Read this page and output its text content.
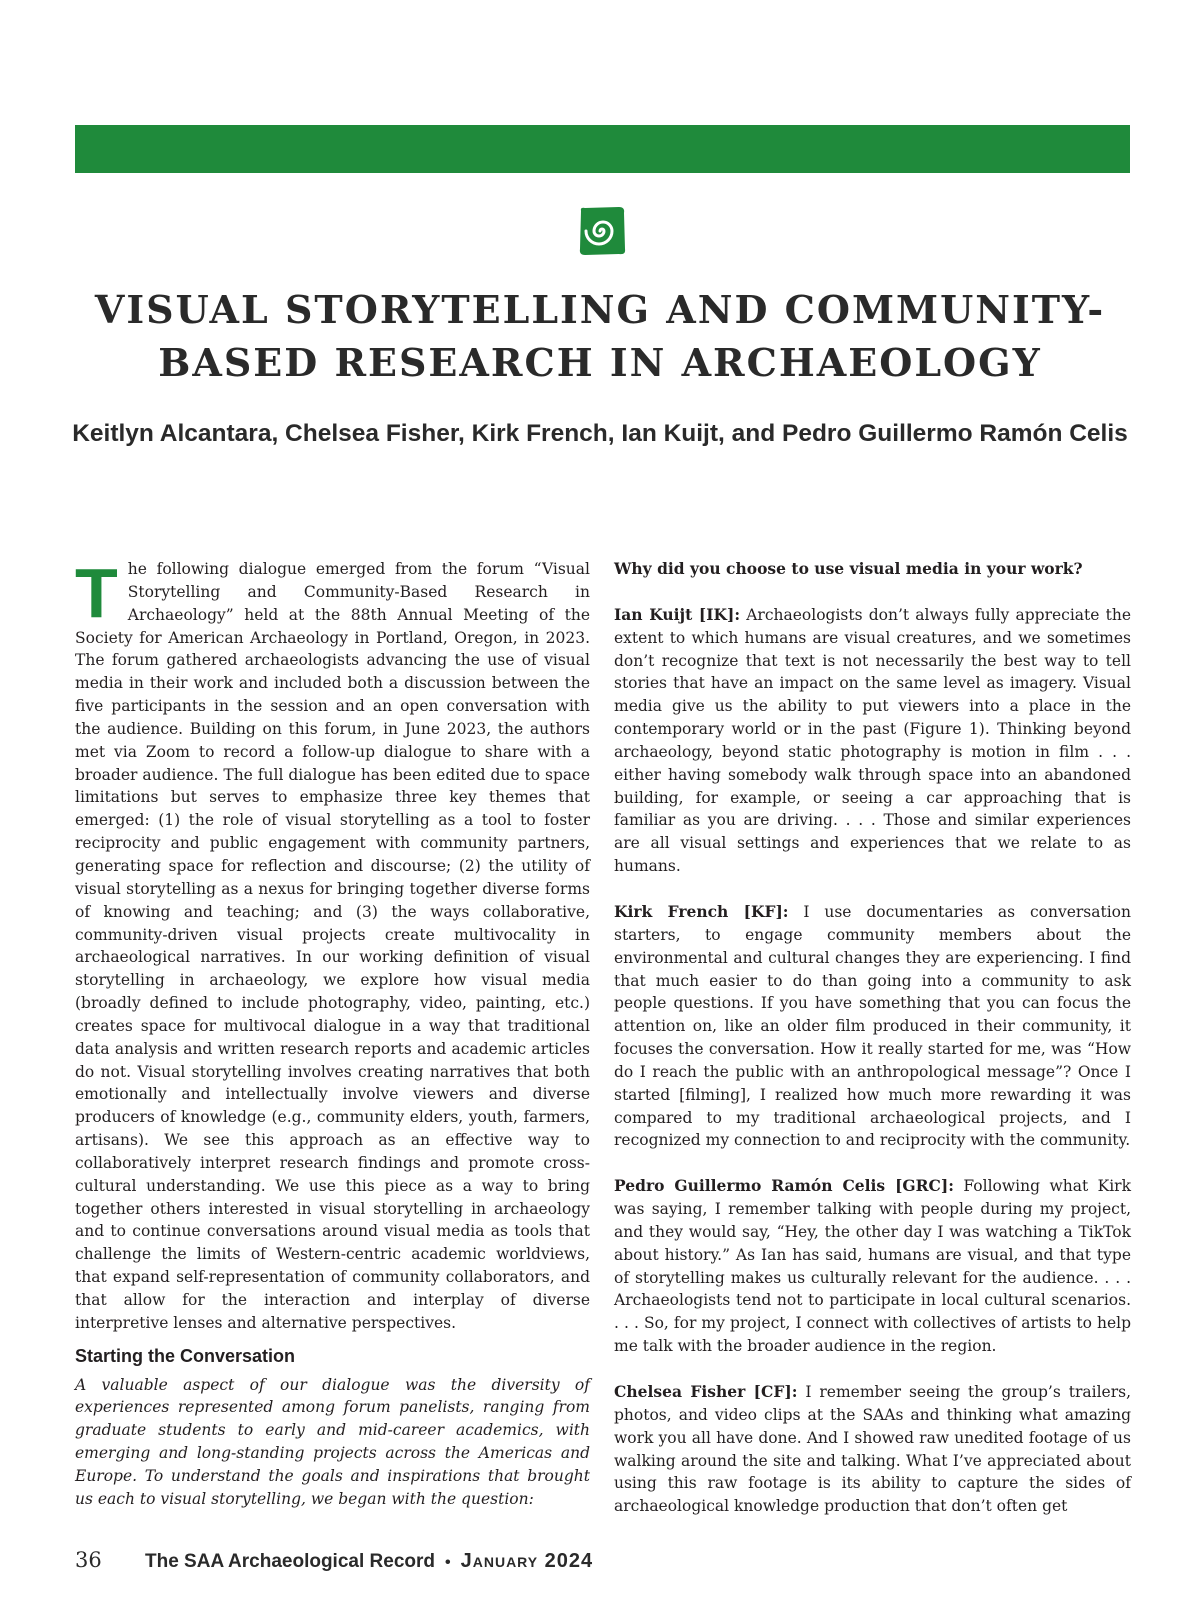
VISUAL STORYTELLING AND COMMUNITY-
BASED RESEARCH IN ARCHAEOLOGY
Keitlyn Alcantara, Chelsea Fisher, Kirk French, Ian Kuijt, and Pedro Guillermo Ramón Celis

The following dialogue emerged from the forum “Visual Storytelling and Community-Based Research in Archaeology” held at the 88th Annual Meeting of the Society for American Archaeology in Portland, Oregon, in 2023. The forum gathered archaeologists advancing the use of visual media in their work and included both a discussion between the five participants in the session and an open conversation with the audience. Building on this forum, in June 2023, the authors met via Zoom to record a follow-up dialogue to share with a broader audience. The full dialogue has been edited due to space limitations but serves to emphasize three key themes that emerged: (1) the role of visual storytelling as a tool to foster reciprocity and public engagement with community partners, generating space for reflection and discourse; (2) the utility of visual storytelling as a nexus for bringing together diverse forms of knowing and teaching; and (3) the ways collaborative, community-driven visual projects create multivocality in archaeological narratives. In our working definition of visual storytelling in archaeology, we explore how visual media (broadly defined to include photography, video, painting, etc.) creates space for multivocal dialogue in a way that traditional data analysis and written research reports and academic articles do not. Visual storytelling involves creating narratives that both emotionally and intellectually involve viewers and diverse producers of knowledge (e.g., community elders, youth, farmers, artisans). We see this approach as an effective way to collaboratively interpret research findings and promote cross-cultural understanding. We use this piece as a way to bring together others interested in visual storytelling in archaeology and to continue conversations around visual media as tools that challenge the limits of Western-centric academic worldviews, that expand self-representation of community collaborators, and that allow for the interaction and interplay of diverse interpretive lenses and alternative perspectives.

Starting the Conversation

A valuable aspect of our dialogue was the diversity of experiences represented among forum panelists, ranging from graduate students to early and mid-career academics, with emerging and long-standing projects across the Americas and Europe. To understand the goals and inspirations that brought us each to visual storytelling, we began with the question:

Why did you choose to use visual media in your work?

Ian Kuijt [IK]: Archaeologists don’t always fully appreciate the extent to which humans are visual creatures, and we sometimes don’t recognize that text is not necessarily the best way to tell stories that have an impact on the same level as imagery. Visual media give us the ability to put viewers into a place in the contemporary world or in the past (Figure 1). Thinking beyond archaeology, beyond static photography is motion in film . . . either having somebody walk through space into an abandoned building, for example, or seeing a car approaching that is familiar as you are driving. . . . Those and similar experiences are all visual settings and experiences that we relate to as humans.

Kirk French [KF]: I use documentaries as conversation starters, to engage community members about the environmental and cultural changes they are experiencing. I find that much easier to do than going into a community to ask people questions. If you have something that you can focus the attention on, like an older film produced in their community, it focuses the conversation. How it really started for me, was “How do I reach the public with an anthropological message”? Once I started [filming], I realized how much more rewarding it was compared to my traditional archaeological projects, and I recognized my connection to and reciprocity with the community.

Pedro Guillermo Ramón Celis [GRC]: Following what Kirk was saying, I remember talking with people during my project, and they would say, “Hey, the other day I was watching a TikTok about history.” As Ian has said, humans are visual, and that type of storytelling makes us culturally relevant for the audience. . . . Archaeologists tend not to participate in local cultural scenarios. . . . So, for my project, I connect with collectives of artists to help me talk with the broader audience in the region.

Chelsea Fisher [CF]: I remember seeing the group’s trailers, photos, and video clips at the SAAs and thinking what amazing work you all have done. And I showed raw unedited footage of us walking around the site and talking. What I’ve appreciated about using this raw footage is its ability to capture the sides of archaeological knowledge production that don’t often get

36	The SAA Archaeological Record • January 2024
